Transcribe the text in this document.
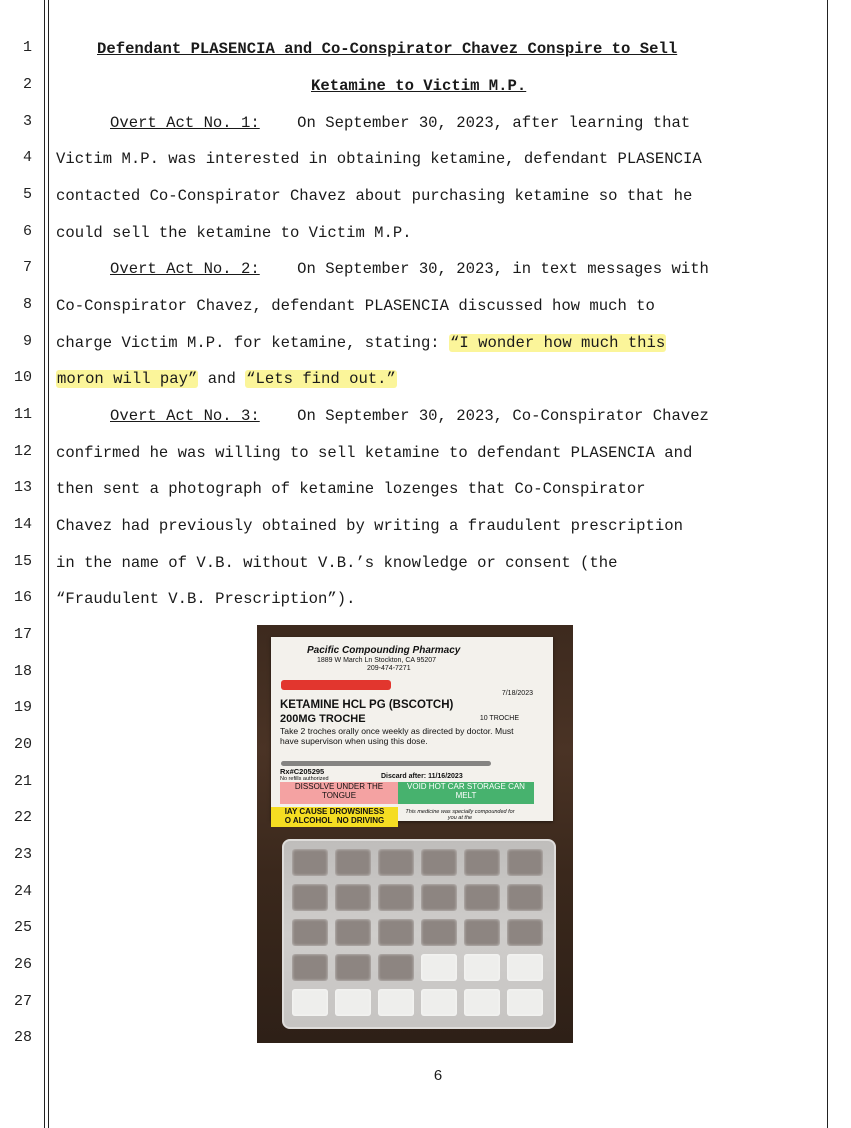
1
2
3
4
5
6
7
8
9
10
11
12
13
14
15
16
17
18
19
20
21
22
23
24
25
26
27
28
Defendant PLASENCIA and Co-Conspirator Chavez Conspire to Sell
Ketamine to Victim M.P.
Overt Act No. 1:    On September 30, 2023, after learning that
Victim M.P. was interested in obtaining ketamine, defendant PLASENCIA
contacted Co-Conspirator Chavez about purchasing ketamine so that he
could sell the ketamine to Victim M.P.
Overt Act No. 2:    On September 30, 2023, in text messages with
Co-Conspirator Chavez, defendant PLASENCIA discussed how much to
charge Victim M.P. for ketamine, stating: “I wonder how much this
moron will pay” and “Lets find out.”
Overt Act No. 3:    On September 30, 2023, Co-Conspirator Chavez
confirmed he was willing to sell ketamine to defendant PLASENCIA and
then sent a photograph of ketamine lozenges that Co-Conspirator
Chavez had previously obtained by writing a fraudulent prescription
in the name of V.B. without V.B.’s knowledge or consent (the
“Fraudulent V.B. Prescription”).
Pacific Compounding Pharmacy
1889 W March Ln Stockton, CA 95207
209-474-7271
7/18/2023
KETAMINE HCL PG (BSCOTCH)
200MG TROCHE	10 TROCHE
Take 2 troches orally once weekly as directed by doctor. Must have supervison when using this dose.
Rx#C205295
No refills authorized	Discard after: 11/16/2023
DISSOLVE UNDER THE TONGUE
VOID HOT CAR STORAGE CAN MELT
IAY CAUSE DROWSINESS
O ALCOHOL  NO DRIVING
This medicine was specially compounded for you at the
6
